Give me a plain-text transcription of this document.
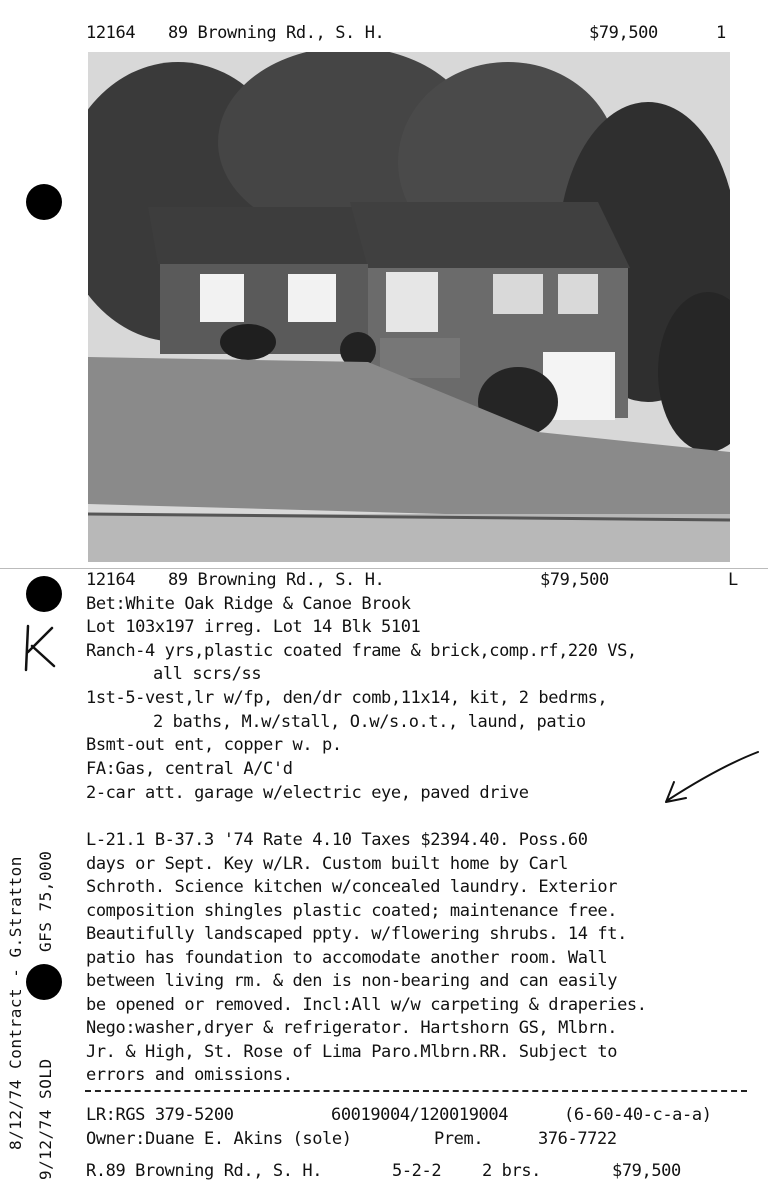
12164 89 Browning Rd., S. H.	$79,500	1
12164 89 Browning Rd., S. H.	$79,500	L
Bet:White Oak Ridge & Canoe Brook
Lot 103x197 irreg. Lot 14 Blk 5101
Ranch-4 yrs,plastic coated frame & brick,comp.rf,220 VS,
all scrs/ss
1st-5-vest,lr w/fp, den/dr comb,11x14, kit, 2 bedrms,
2 baths, M.w/stall, O.w/s.o.t., laund, patio
Bsmt-out ent, copper w. p.
FA:Gas, central A/C'd
2-car att. garage w/electric eye, paved drive
L-21.1 B-37.3 '74 Rate 4.10 Taxes $2394.40. Poss.60
days or Sept. Key w/LR. Custom built home by Carl
Schroth. Science kitchen w/concealed laundry. Exterior
composition shingles plastic coated; maintenance free.
Beautifully landscaped ppty. w/flowering shrubs. 14 ft.
patio has foundation to accomodate another room. Wall
between living rm. & den is non-bearing and can easily
be opened or removed. Incl:All w/w carpeting & draperies.
Nego:washer,dryer & refrigerator. Hartshorn GS, Mlbrn.
Jr. & High, St. Rose of Lima Paro.Mlbrn.RR. Subject to
errors and omissions.
LR:RGS 379-5200	60019004/120019004	(6-60-40-c-a-a)
Owner:Duane E. Akins (sole)	Prem.	376-7722
R.89 Browning Rd., S. H.	5-2-2 2 brs.	$79,500
8/12/74 Contract - G.Stratton 9/12/74 SOLD
GFS 75,000
